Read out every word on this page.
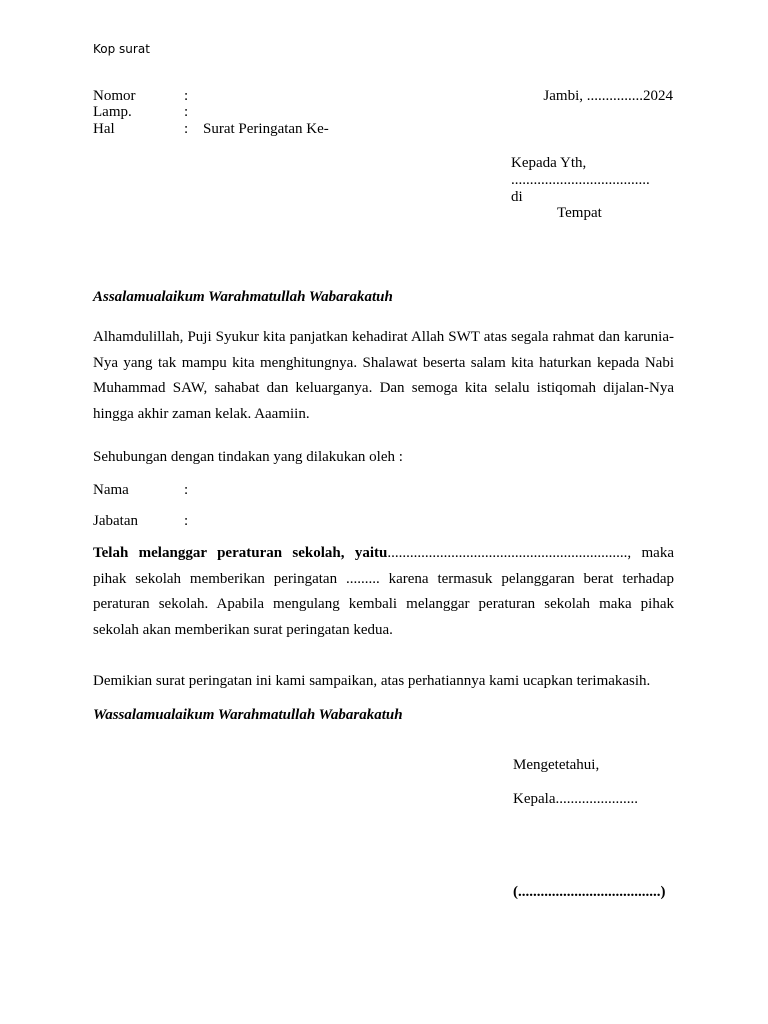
Kop surat
Nomor	:	Jambi, ...............2024
Lamp.	:
Hal	: Surat Peringatan Ke-
Kepada Yth,
.....................................
di
Tempat
Assalamualaikum Warahmatullah Wabarakatuh
Alhamdulillah, Puji Syukur kita panjatkan kehadirat Allah SWT atas segala rahmat dan karunia-Nya yang tak mampu kita menghitungnya. Shalawat beserta salam kita haturkan kepada Nabi Muhammad SAW, sahabat dan keluarganya. Dan semoga kita selalu istiqomah dijalan-Nya hingga akhir zaman kelak. Aaamiin.
Sehubungan dengan tindakan yang dilakukan oleh :
Nama	:
Jabatan	:
Telah melanggar peraturan sekolah, yaitu................................................................, maka pihak sekolah memberikan peringatan ......... karena termasuk pelanggaran berat terhadap peraturan sekolah. Apabila mengulang kembali melanggar peraturan sekolah maka pihak sekolah akan memberikan surat peringatan kedua.
Demikian surat peringatan ini kami sampaikan, atas perhatiannya kami ucapkan terimakasih.
Wassalamualaikum Warahmatullah Wabarakatuh
Mengetetahui,
Kepala......................
(......................................)
